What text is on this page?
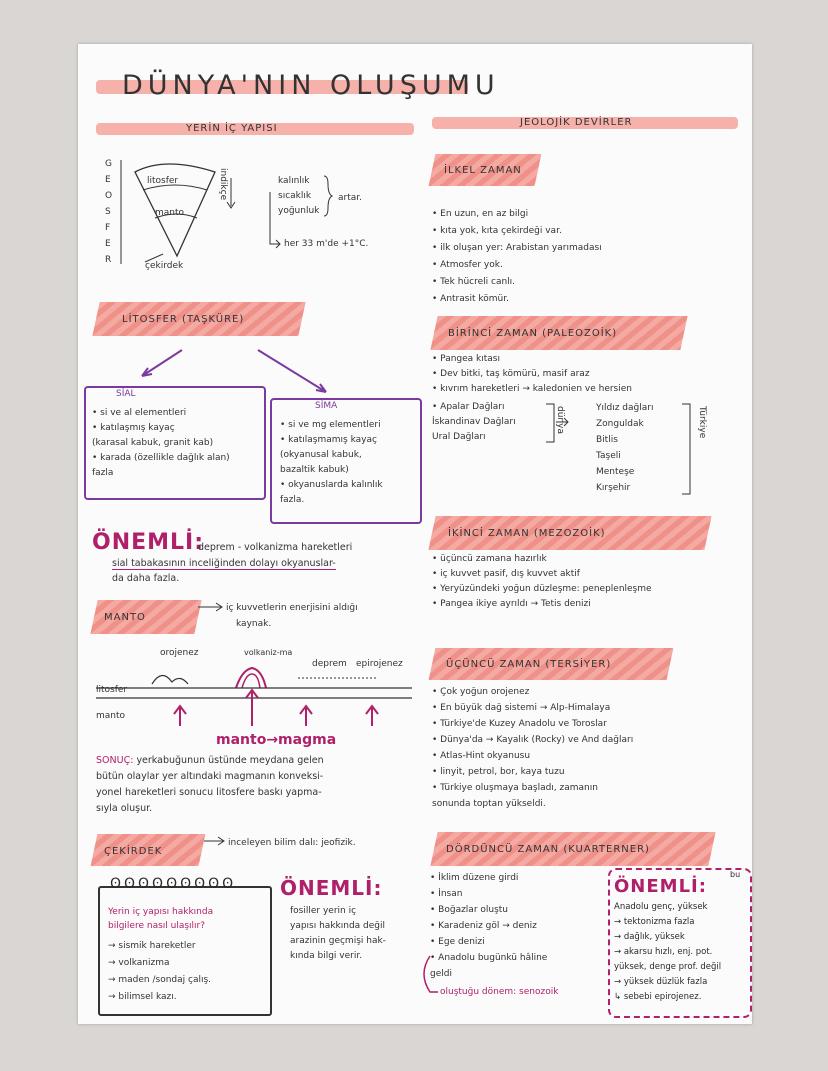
DÜNYA'NIN OLUŞUMU
YERİN İÇ YAPISI
JEOLOJİK DEVİRLER
G
E
O
S
F
E
R
litosfer
manto
çekirdek
indikçe	kalınlık
sıcaklık
yoğunluk
artar.
her 33 m'de +1°C.
LİTOSFER (TAŞKÜRE)
SİAL
• si ve al elementleri
• katılaşmış kayaç
(karasal kabuk, granit kab)
• karada (özellikle dağlık alan)
fazla
SİMA
• si ve mg elementleri
• katılaşmamış kayaç
(okyanusal kabuk,
bazaltik kabuk)
• okyanuslarda kalınlık
fazla.
ÖNEMLİ:
deprem - volkanizma hareketleri
sial tabakasının inceliğinden dolayı okyanuslar-
da daha fazla.
MANTO
iç kuvvetlerin enerjisini aldığı
kaynak.
orojenez	volkaniz-ma
deprem epirojenez
litosfer
manto
manto→magma
SONUÇ: yerkabuğunun üstünde meydana gelen
bütün olaylar yer altındaki magmanın konveksi-
yonel hareketleri sonucu litosfere baskı yapma-
sıyla oluşur.
ÇEKİRDEK
inceleyen bilim dalı: jeofizik.
ʘʘʘʘʘʘʘʘʘ
Yerin iç yapısı hakkında
bilgilere nasıl ulaşılır?
→ sismik hareketler
→ volkanizma
→ maden /sondaj çalış.
→ bilimsel kazı.
ÖNEMLİ:
fosiller yerin iç
yapısı hakkında değil
arazinin geçmişi hak-
kında bilgi verir.
İLKEL ZAMAN
• En uzun, en az bilgi
• kıta yok, kıta çekirdeği var.
• ilk oluşan yer: Arabistan yarımadası
• Atmosfer yok.
• Tek hücreli canlı.
• Antrasit kömür.
BİRİNCİ ZAMAN (PALEOZOİK)
• Pangea kıtası
• Dev bitki, taş kömürü, masif araz
• kıvrım hareketleri → kaledonien ve hersien
• Apalar Dağları
İskandinav Dağları
Ural Dağları
dünya	Yıldız dağları
Zonguldak
Bitlis
Taşeli
Menteşe
Kırşehir
Türkiye
İKİNCİ ZAMAN (MEZOZOİK)
• üçüncü zamana hazırlık
• iç kuvvet pasif, dış kuvvet aktif
• Yeryüzündeki yoğun düzleşme: peneplenleşme
• Pangea ikiye ayrıldı → Tetis denizi
ÜÇÜNCÜ ZAMAN (TERSİYER)
• Çok yoğun orojenez
• En büyük dağ sistemi → Alp-Himalaya
• Türkiye'de Kuzey Anadolu ve Toroslar
• Dünya'da → Kayalık (Rocky) ve And dağları
• Atlas-Hint okyanusu
• linyit, petrol, bor, kaya tuzu
• Türkiye oluşmaya başladı, zamanın
sonunda toptan yükseldi.
DÖRDÜNCÜ ZAMAN (KUARTERNER)
• İklim düzene girdi
• İnsan
• Boğazlar oluştu
• Karadeniz göl → deniz
• Ege denizi
• Anadolu bugünkü hâline
geldi
oluştuğu dönem: senozoik
ÖNEMLİ:
bu
Anadolu genç, yüksek
→ tektonizma fazla
→ dağlık, yüksek
→ akarsu hızlı, enj. pot.
yüksek, denge prof. değil
→ yüksek düzlük fazla
↳ sebebi epirojenez.
